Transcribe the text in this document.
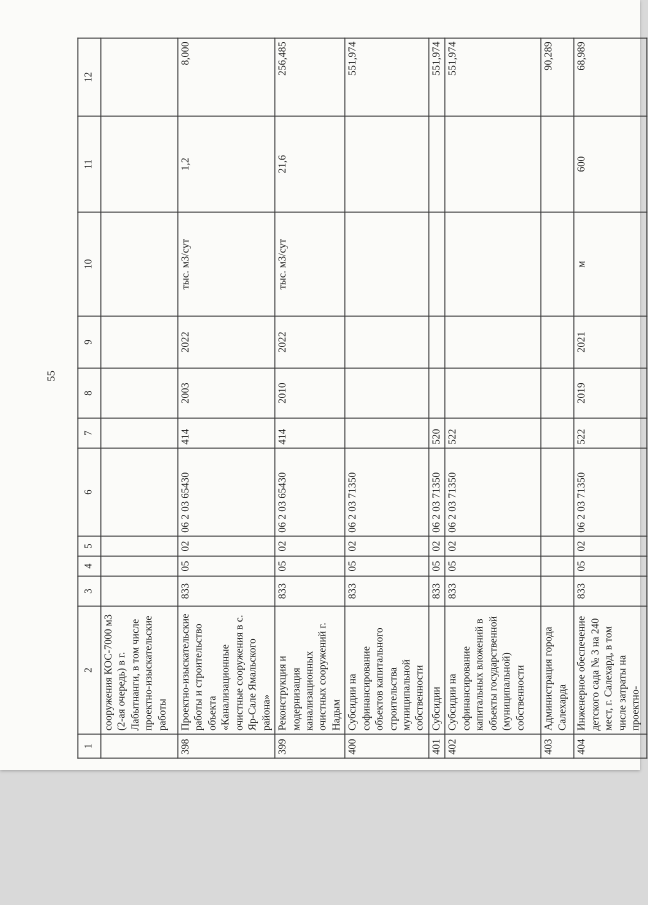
55
1	2	3	4	5	6	7	8	9	10	11	12
	сооружения КОС-7000 м3 (2-ая очередь) в г. Лабытнанги, в том числе проектно-изыскательские работы										
398	Проектно-изыскательские работы и строительство объекта «Канализационные очистные сооружения в с. Яр-Сале Ямальского района»	833	05	02	06 2 03 65430	414	2003	2022	тыс. м3/сут	1,2	8,000
399	Реконструкция и модернизация канализационных очистных сооружений г. Надым	833	05	02	06 2 03 65430	414	2010	2022	тыс. м3/сут	21,6	256,485
400	Субсидии на софинансирование объектов капитального строительства муниципальной собственности	833	05	02	06 2 03 71350						551,974
401	Субсидии	833	05	02	06 2 03 71350	520					551,974
402	Субсидии на софинансирование капитальных вложений в объекты государственной (муниципальной) собственности	833	05	02	06 2 03 71350	522					551,974
403	Администрация города Салехарда										90,289
404	Инженерное обеспечение детского сада № 3 на 240 мест, г. Салехард, в том числе затраты на проектно-	833	05	02	06 2 03 71350	522	2019	2021	м	600	68,989
